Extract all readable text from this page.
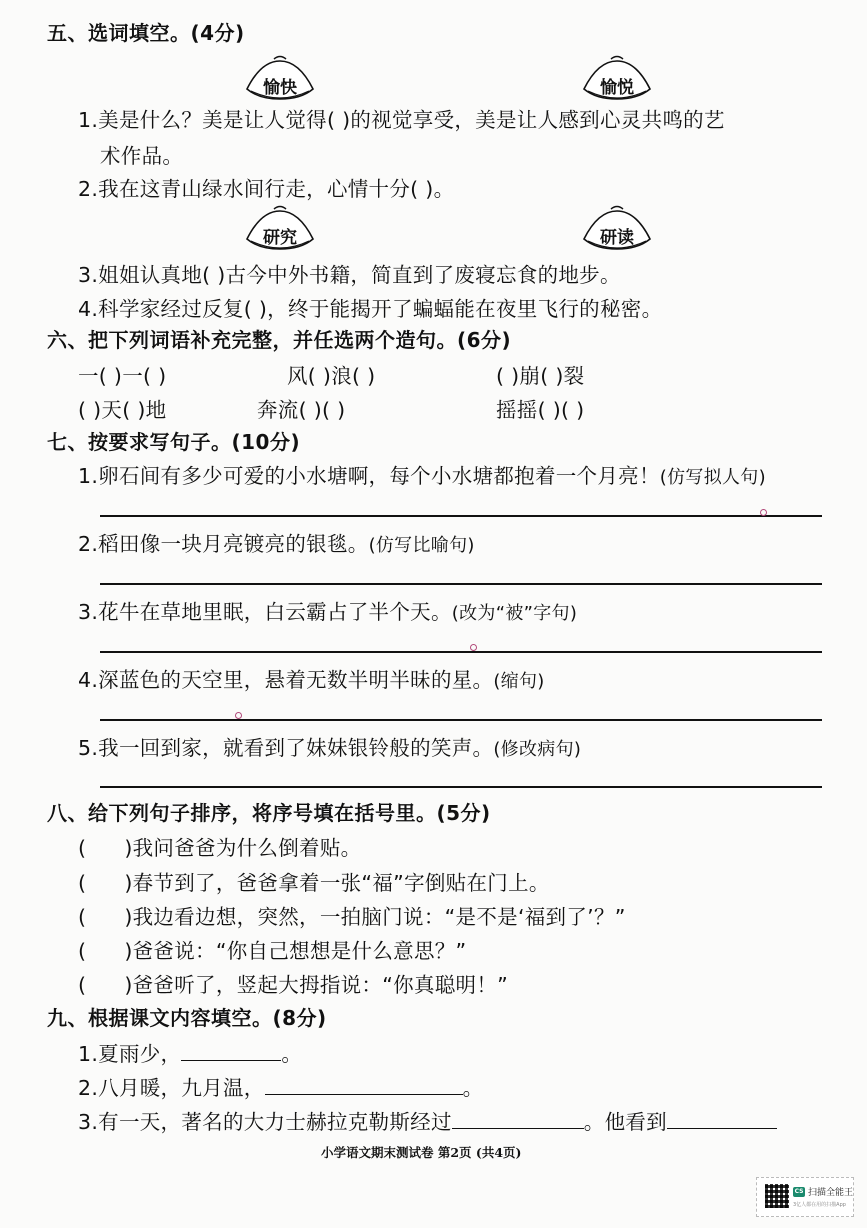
五、选词填空。(4分)
愉快	愉悦
1.美是什么？美是让人觉得( )的视觉享受，美是让人感到心灵共鸣的艺
术作品。
2.我在这青山绿水间行走，心情十分( )。
研究	研读
3.姐姐认真地( )古今中外书籍，简直到了废寝忘食的地步。
4.科学家经过反复( )，终于能揭开了蝙蝠能在夜里飞行的秘密。
六、把下列词语补充完整，并任选两个造句。(6分)
一( )一( )	风( )浪( )	( )崩( )裂
( )天( )地	奔流( )( )	摇摇( )( )
七、按要求写句子。(10分)
1.卵石间有多少可爱的小水塘啊，每个小水塘都抱着一个月亮！(仿写拟人句)
2.稻田像一块月亮镀亮的银毯。(仿写比喻句)
3.花牛在草地里眠，白云霸占了半个天。(改为“被”字句)
4.深蓝色的天空里，悬着无数半明半昧的星。(缩句)
5.我一回到家，就看到了妹妹银铃般的笑声。(修改病句)
八、给下列句子排序，将序号填在括号里。(5分)
( )我问爸爸为什么倒着贴。
( )春节到了，爸爸拿着一张“福”字倒贴在门上。
( )我边看边想，突然，一拍脑门说：“是不是‘福到了’？”
( )爸爸说：“你自己想想是什么意思？”
( )爸爸听了，竖起大拇指说：“你真聪明！”
九、根据课文内容填空。(8分)
1.夏雨少，	。
2.八月暖，九月温，	。
3.有一天，著名的大力士赫拉克勒斯经过	。他看到
小学语文期末测试卷 第2页 (共4页)
CS 扫描全能王
3亿人都在用的扫描App
